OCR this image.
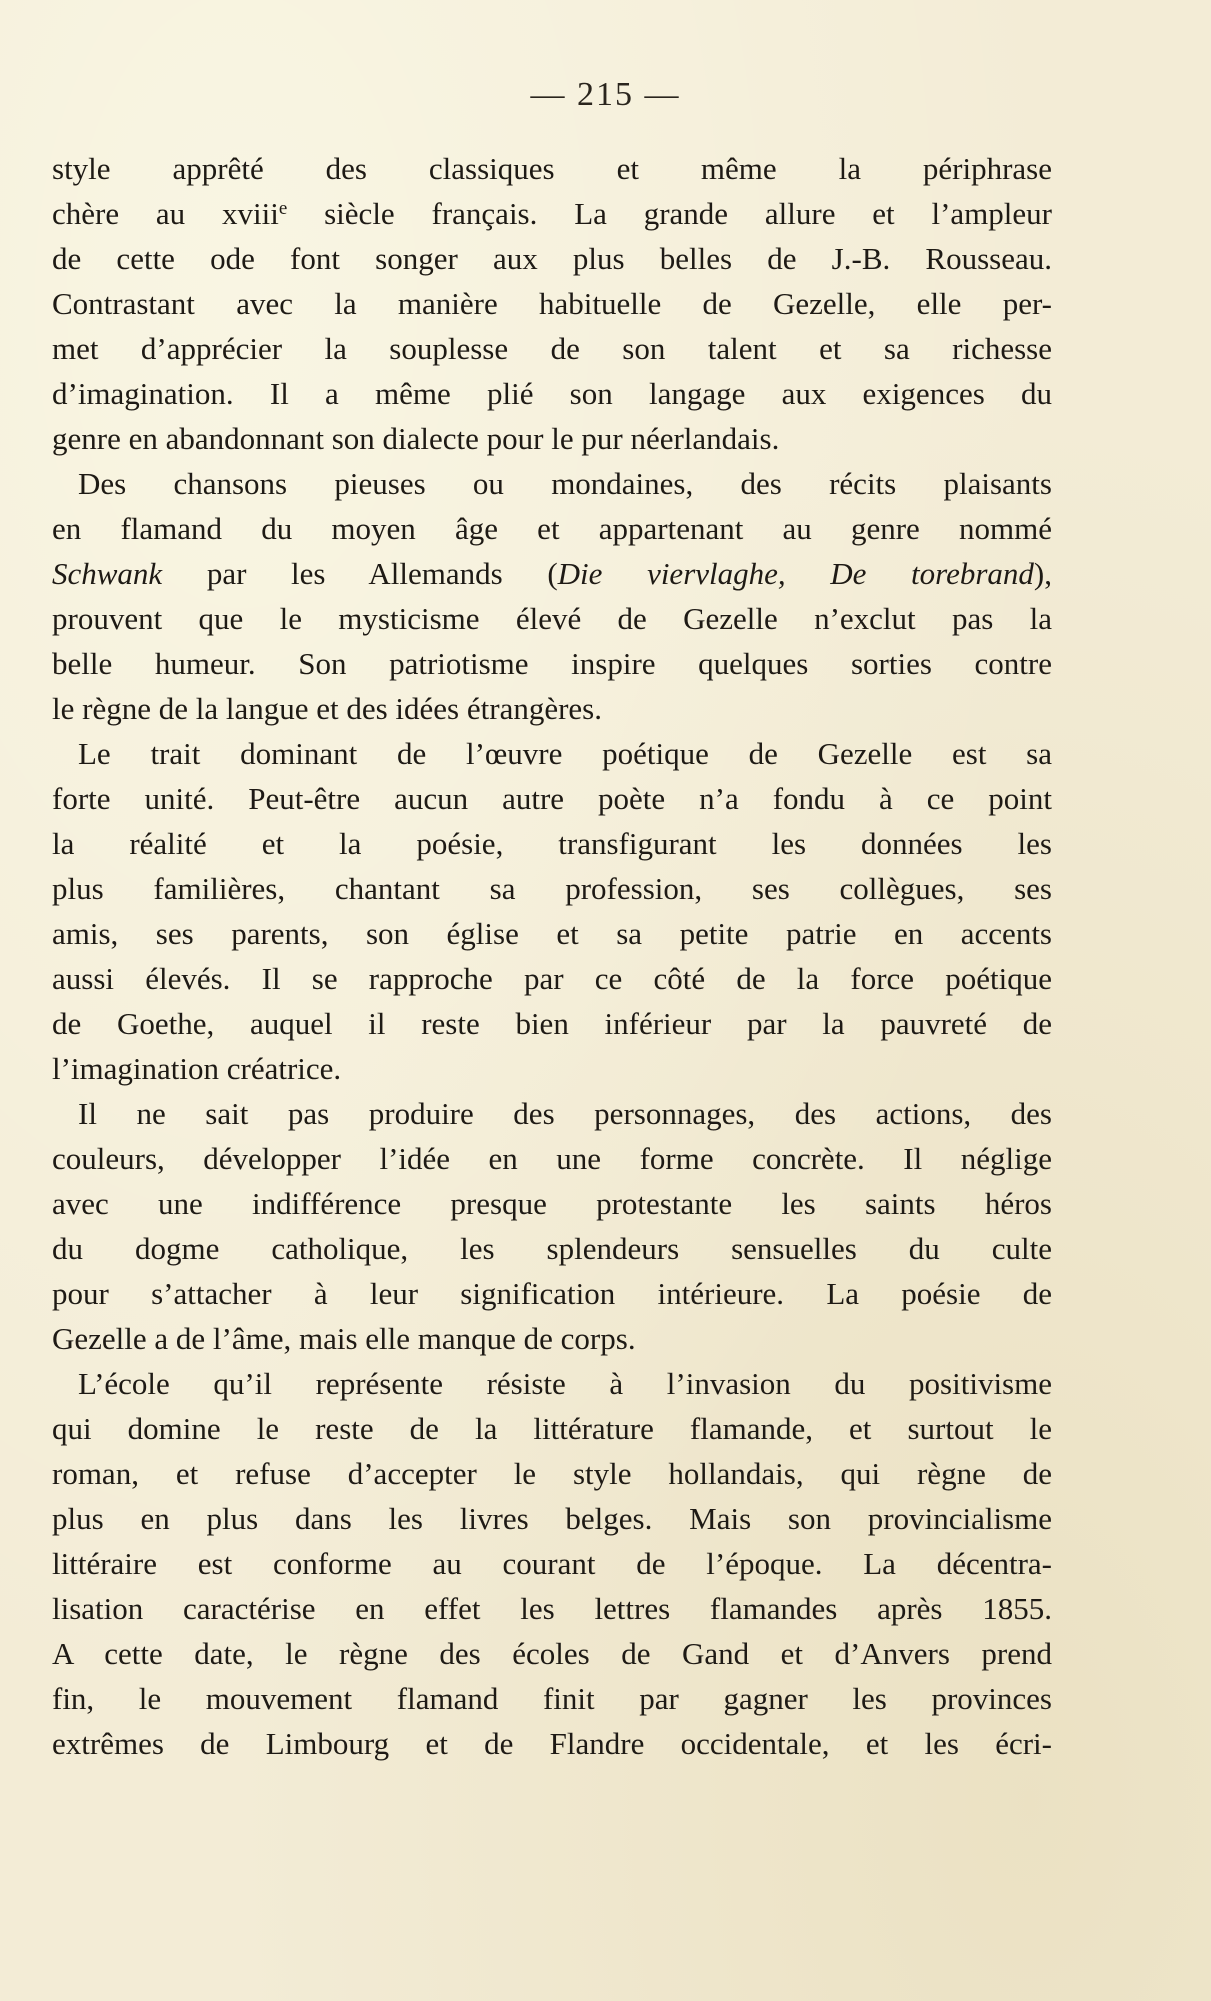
— 215 —
style apprêté des classiques et même la périphrase
chère au xviii$^e$ siècle français. La grande allure et l’ampleur
de cette ode font songer aux plus belles de J.-B. Rousseau.
Contrastant avec la manière habituelle de Gezelle, elle per-
met d’apprécier la souplesse de son talent et sa richesse
d’imagination. Il a même plié son langage aux exigences du
genre en abandonnant son dialecte pour le pur néerlandais.
Des chansons pieuses ou mondaines, des récits plaisants
en flamand du moyen âge et appartenant au genre nommé
Schwank par les Allemands (Die viervlaghe, De torebrand),
prouvent que le mysticisme élevé de Gezelle n’exclut pas la
belle humeur. Son patriotisme inspire quelques sorties contre
le règne de la langue et des idées étrangères.
Le trait dominant de l’œuvre poétique de Gezelle est sa
forte unité. Peut-être aucun autre poète n’a fondu à ce point
la réalité et la poésie, transfigurant les données les
plus familières, chantant sa profession, ses collègues, ses
amis, ses parents, son église et sa petite patrie en accents
aussi élevés. Il se rapproche par ce côté de la force poétique
de Goethe, auquel il reste bien inférieur par la pauvreté de
l’imagination créatrice.
Il ne sait pas produire des personnages, des actions, des
couleurs, développer l’idée en une forme concrète. Il néglige
avec une indifférence presque protestante les saints héros
du dogme catholique, les splendeurs sensuelles du culte
pour s’attacher à leur signification intérieure. La poésie de
Gezelle a de l’âme, mais elle manque de corps.
L’école qu’il représente résiste à l’invasion du positivisme
qui domine le reste de la littérature flamande, et surtout le
roman, et refuse d’accepter le style hollandais, qui règne de
plus en plus dans les livres belges. Mais son provincialisme
littéraire est conforme au courant de l’époque. La décentra-
lisation caractérise en effet les lettres flamandes après 1855.
A cette date, le règne des écoles de Gand et d’Anvers prend
fin, le mouvement flamand finit par gagner les provinces
extrêmes de Limbourg et de Flandre occidentale, et les écri-
